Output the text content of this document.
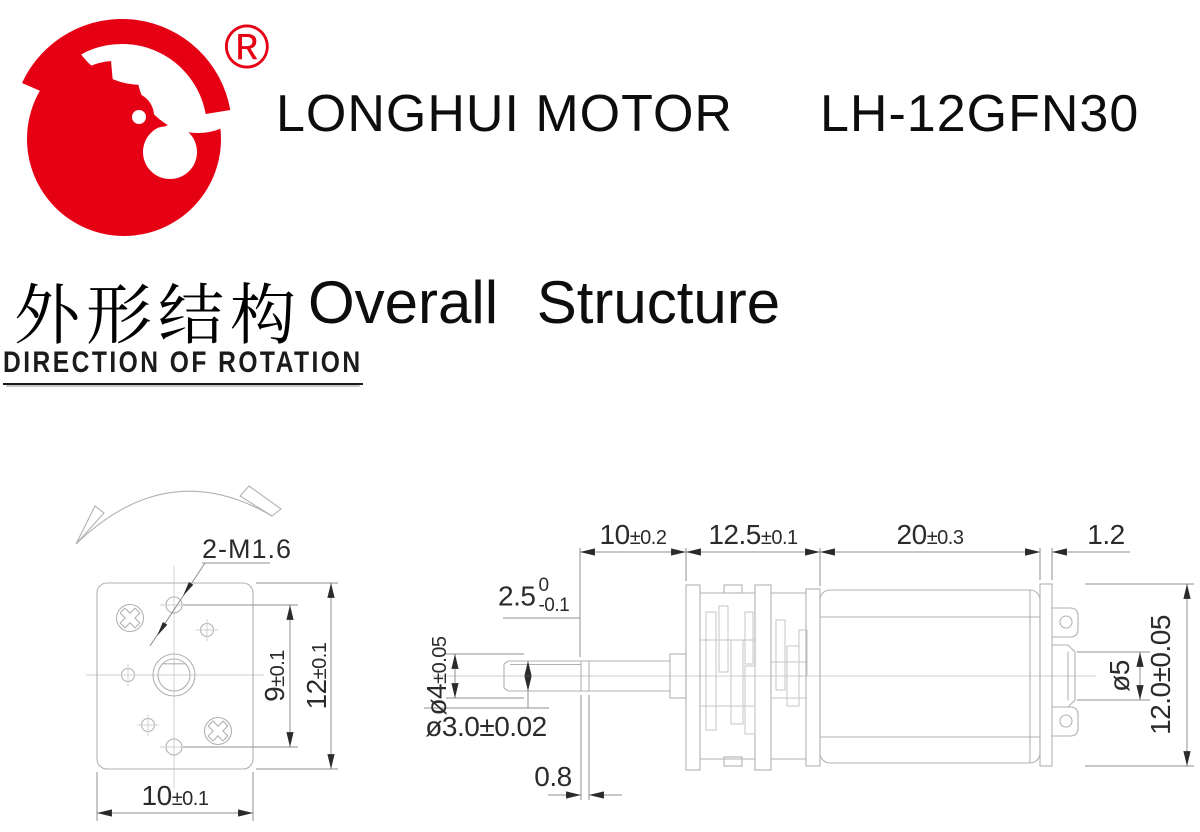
®
LONGHUI MOTOR LH-12GFN30
外形结构 Overall Structure
DIRECTION OF ROTATION
2-M1.6
9±0.1
12±0.1
10±0.1
10±0.2 12.5±0.1	20±0.3	1.2
2.5 0
-0.1
ø4±0.05
ø3.0±0.02
0.8
ø5 12.0±0.05
